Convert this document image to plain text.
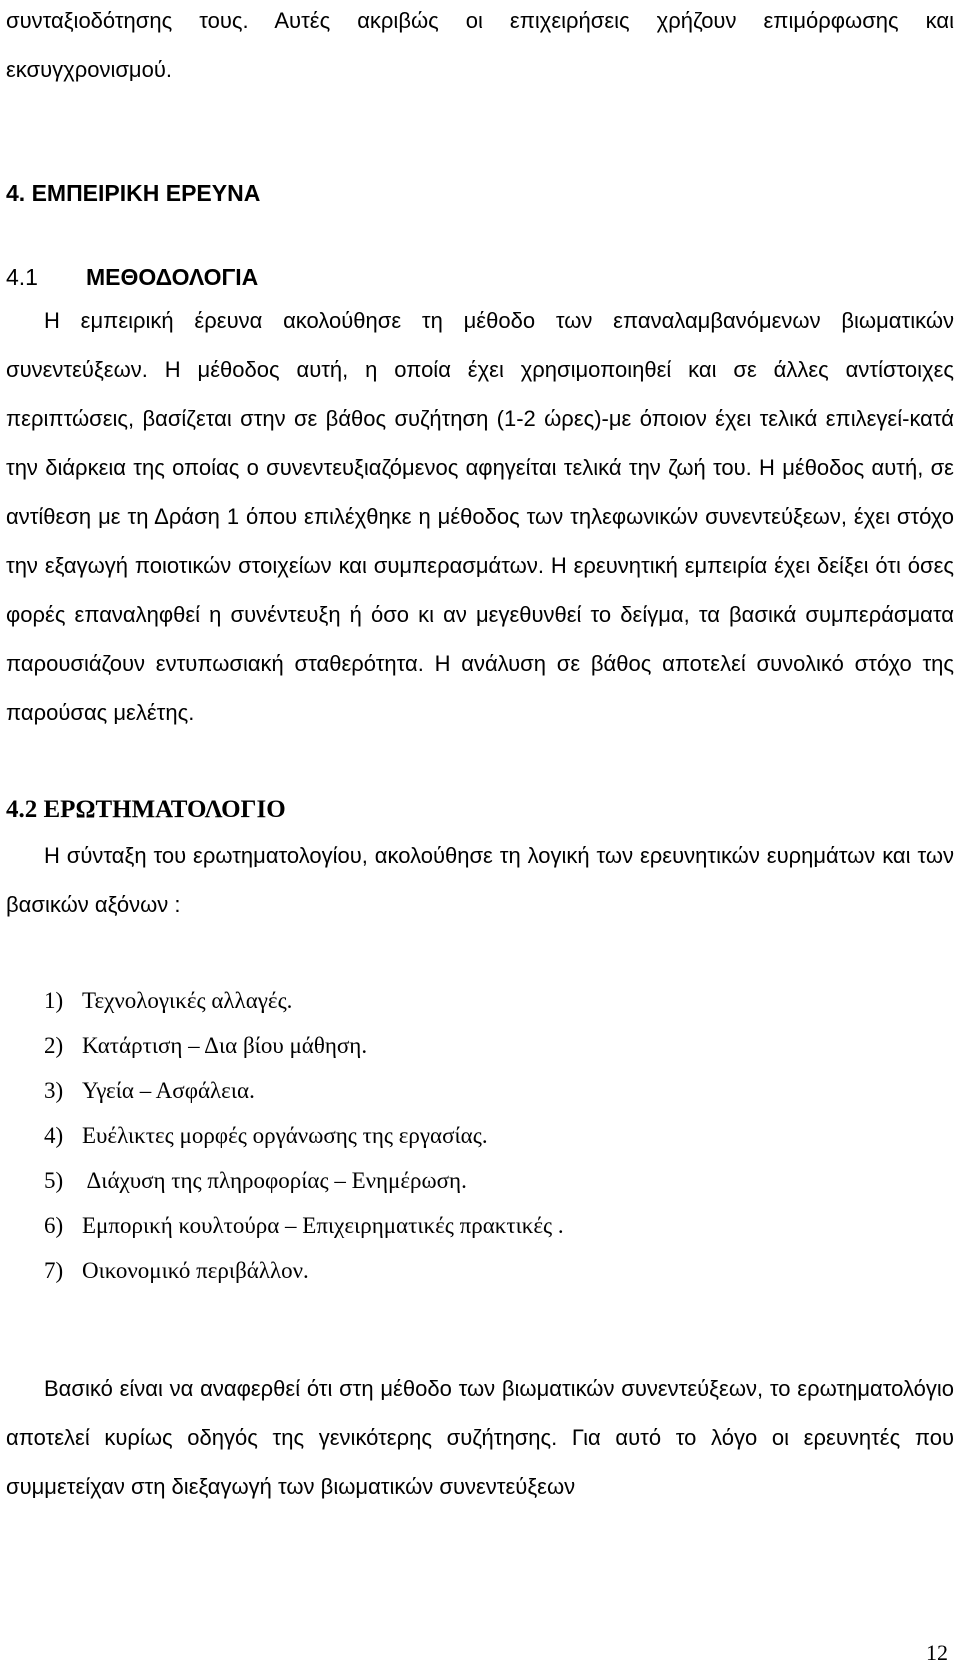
συνταξιοδότησης τους. Αυτές ακριβώς οι επιχειρήσεις χρήζουν επιμόρφωσης και εκσυγχρονισμού.

4. ΕΜΠΕΙΡΙΚΗ ΕΡΕΥΝΑ
4.1 ΜΕΘΟΔΟΛΟΓΙΑ

Η εμπειρική έρευνα ακολούθησε τη μέθοδο των επαναλαμβανόμενων βιωματικών συνεντεύξεων. Η μέθοδος αυτή, η οποία έχει χρησιμοποιηθεί και σε άλλες αντίστοιχες περιπτώσεις, βασίζεται στην σε βάθος συζήτηση (1-2 ώρες)-με όποιον έχει τελικά επιλεγεί-κατά την διάρκεια της οποίας ο συνεντευξιαζόμενος αφηγείται τελικά την ζωή του. Η μέθοδος αυτή, σε αντίθεση με τη Δράση 1 όπου επιλέχθηκε η μέθοδος των τηλεφωνικών συνεντεύξεων, έχει στόχο την εξαγωγή ποιοτικών στοιχείων και συμπερασμάτων. Η ερευνητική εμπειρία έχει δείξει ότι όσες φορές επαναληφθεί η συνέντευξη ή όσο κι αν μεγεθυνθεί το δείγμα, τα βασικά συμπεράσματα παρουσιάζουν εντυπωσιακή σταθερότητα. Η ανάλυση σε βάθος αποτελεί συνολικό στόχο της παρούσας μελέτης.

4.2 ΕΡΩΤΗΜΑΤΟΛΟΓΙΟ

Η σύνταξη του ερωτηματολογίου, ακολούθησε τη λογική των ερευνητικών ευρημάτων και των βασικών αξόνων :

1) Τεχνολογικές αλλαγές.
2) Κατάρτιση – Δια βίου μάθηση.
3) Υγεία – Ασφάλεια.
4) Ευέλικτες μορφές οργάνωσης της εργασίας.
5) Διάχυση της πληροφορίας – Ενημέρωση.
6) Εμπορική κουλτούρα – Επιχειρηματικές πρακτικές .
7) Οικονομικό περιβάλλον.

Βασικό είναι να αναφερθεί ότι στη μέθοδο των βιωματικών συνεντεύξεων, το ερωτηματολόγιο αποτελεί κυρίως οδηγός της γενικότερης συζήτησης. Για αυτό το λόγο οι ερευνητές που συμμετείχαν στη διεξαγωγή των βιωματικών συνεντεύξεων

12
